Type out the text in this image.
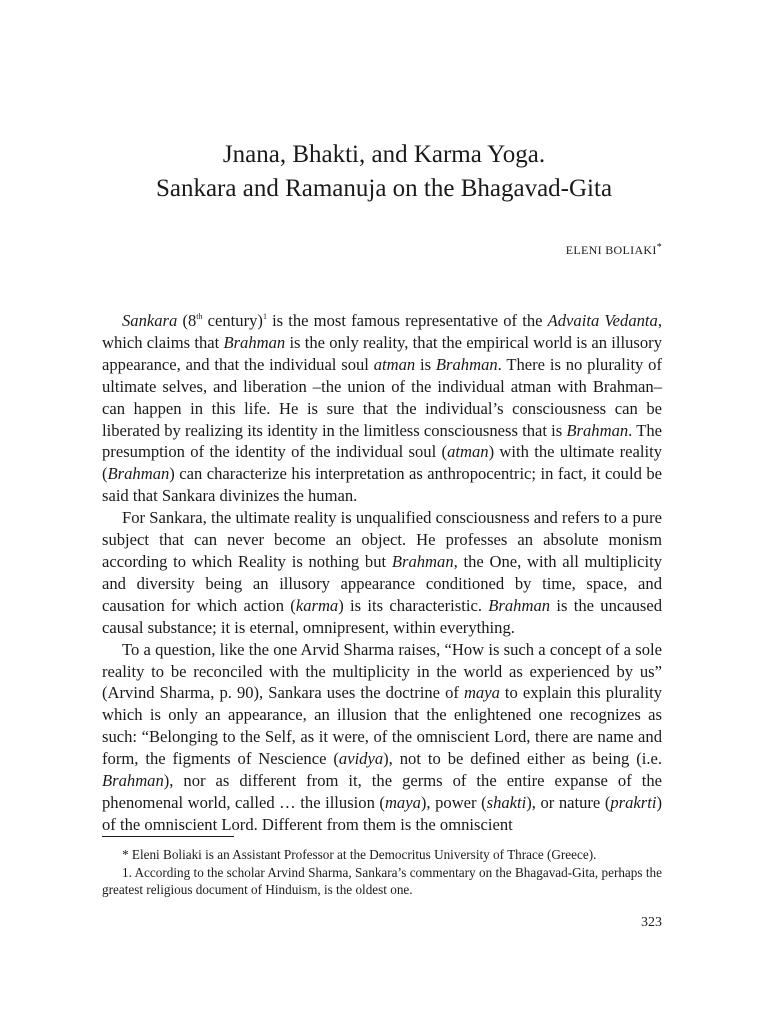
Jnana, Bhakti, and Karma Yoga.
Sankara and Ramanuja on the Bhagavad-Gita
ELENI BOLIAKI*

Sankara (8th century)$^1$ is the most famous representative of the Advaita Vedanta, which claims that Brahman is the only reality, that the empirical world is an illusory appearance, and that the individual soul atman is Brahman. There is no plurality of ultimate selves, and liberation –the union of the individual atman with Brahman– can happen in this life. He is sure that the individual’s consciousness can be liberated by realizing its identity in the limitless consciousness that is Brahman. The presumption of the identity of the individual soul (atman) with the ultimate reality (Brahman) can characterize his interpretation as anthropocentric; in fact, it could be said that Sankara divinizes the human.

For Sankara, the ultimate reality is unqualified consciousness and refers to a pure subject that can never become an object. He professes an absolute monism according to which Reality is nothing but Brahman, the One, with all multiplicity and diversity being an illusory appearance conditioned by time, space, and causation for which action (karma) is its characteristic. Brahman is the uncaused causal substance; it is eternal, omnipresent, within everything.

To a question, like the one Arvid Sharma raises, “How is such a concept of a sole reality to be reconciled with the multiplicity in the world as experienced by us” (Arvind Sharma, p. 90), Sankara uses the doctrine of maya to explain this plurality which is only an appearance, an illusion that the enlightened one recognizes as such: “Belonging to the Self, as it were, of the omniscient Lord, there are name and form, the figments of Nescience (avidya), not to be defined either as being (i.e. Brahman), nor as different from it, the germs of the entire expanse of the phenomenal world, called … the illusion (maya), power (shakti), or nature (prakrti) of the omniscient Lord. Different from them is the omniscient

* Eleni Boliaki is an Assistant Professor at the Democritus University of Thrace (Greece).

1. According to the scholar Arvind Sharma, Sankara’s commentary on the Bhagavad-Gita, perhaps the greatest religious document of Hinduism, is the oldest one.

323
